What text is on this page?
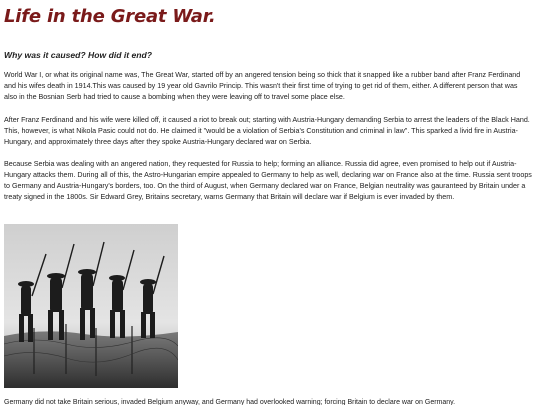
Life in the Great War.
Why was it caused? How did it end?

World War I, or what its original name was, The Great War, started off by an angered tension being so thick that it snapped like a rubber band after Franz Ferdinand and his wifes death in 1914.This was caused by 19 year old Gavrilo Princip. This wasn't their first time of trying to get rid of them, either. A different person that was also in the Bosnian Serb had tried to cause a bombing when they were leaving off to travel some place else.

After Franz Ferdinand and his wife were killed off, it caused a riot to break out; starting with Austria-Hungary demanding Serbia to arrest the leaders of the Black Hand. This, however, is what Nikola Pasic could not do. He claimed it "would be a violation of Serbia's Constitution and criminal in law". This sparked a livid fire in Austria-Hungary, and approximately three days after they spoke Austria-Hungary declared war on Serbia.

Because Serbia was dealing with an angered nation, they requested for Russia to help; forming an alliance. Russia did agree, even promised to help out if Austria-Hungary attacks them. During all of this, the Astro-Hungarian empire appealed to Germany to help as well, declaring war on France also at the time. Russia sent troops to Germany and Austria-Hungary's borders, too. On the third of August, when Germany declared war on France, Belgian neutrality was gauranteed by Britain under a treaty signed in the 1800s. Sir Edward Grey, Britains secretary, warns Germany that Britain will declare war if Belgium is ever invaded by them.

Germany did not take Britain serious, invaded Belgium anyway, and Germany had overlooked warning; forcing Britain to declare war on Germany.
